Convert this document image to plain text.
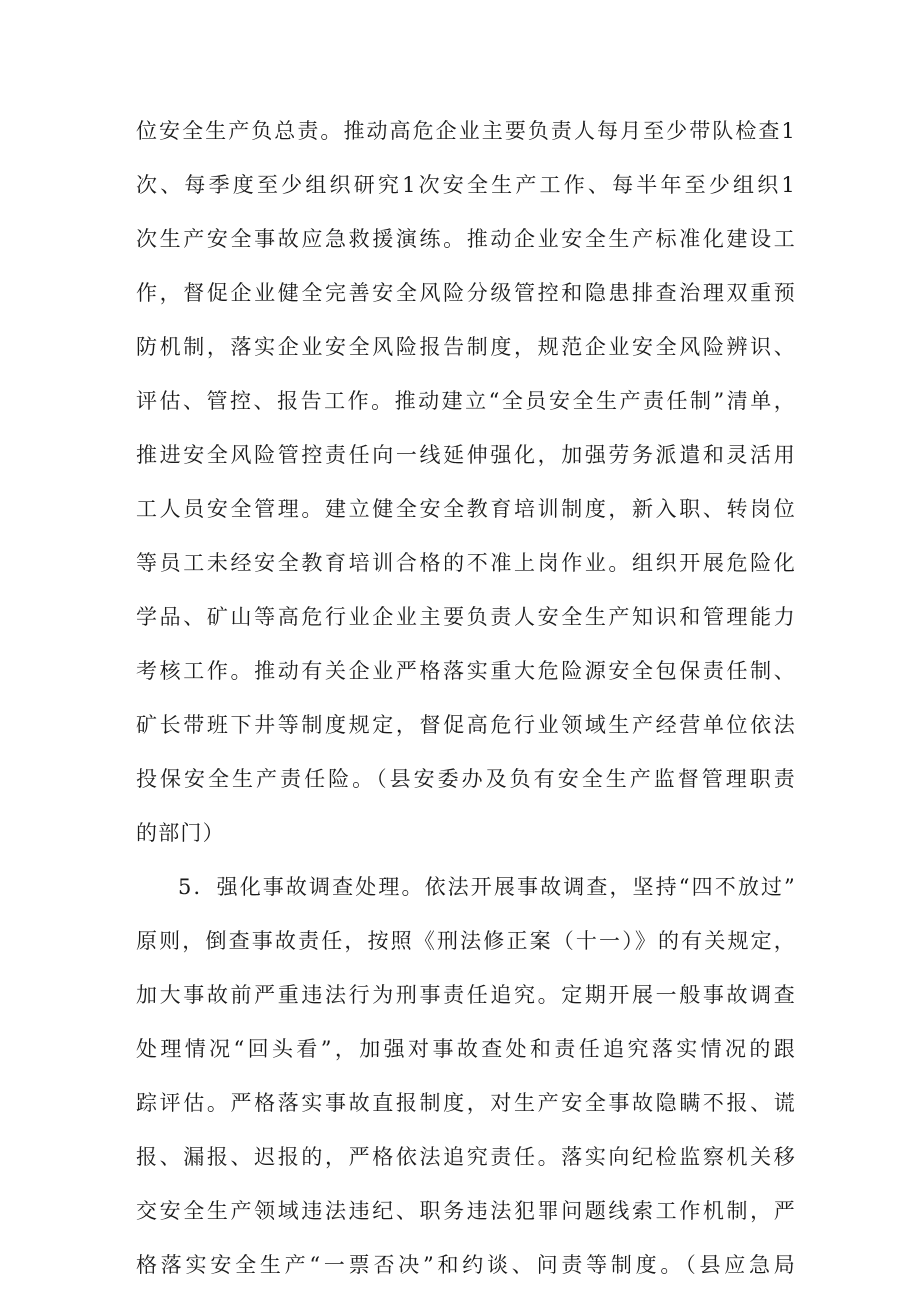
位安全生产负总责。推动高危企业主要负责人每月至少带队检查1
次、每季度至少组织研究1次安全生产工作、每半年至少组织1
次生产安全事故应急救援演练。推动企业安全生产标准化建设工
作，督促企业健全完善安全风险分级管控和隐患排查治理双重预
防机制，落实企业安全风险报告制度，规范企业安全风险辨识、
评估、管控、报告工作。推动建立“全员安全生产责任制”清单，
推进安全风险管控责任向一线延伸强化，加强劳务派遣和灵活用
工人员安全管理。建立健全安全教育培训制度，新入职、转岗位
等员工未经安全教育培训合格的不准上岗作业。组织开展危险化
学品、矿山等高危行业企业主要负责人安全生产知识和管理能力
考核工作。推动有关企业严格落实重大危险源安全包保责任制、
矿长带班下井等制度规定，督促高危行业领域生产经营单位依法
投保安全生产责任险。（县安委办及负有安全生产监督管理职责
的部门）
5．强化事故调查处理。依法开展事故调查，坚持“四不放过”
原则，倒查事故责任，按照《刑法修正案（十一）》的有关规定，
加大事故前严重违法行为刑事责任追究。定期开展一般事故调查
处理情况“回头看”，加强对事故查处和责任追究落实情况的跟
踪评估。严格落实事故直报制度，对生产安全事故隐瞒不报、谎
报、漏报、迟报的，严格依法追究责任。落实向纪检监察机关移
交安全生产领域违法违纪、职务违法犯罪问题线索工作机制，严
格落实安全生产“一票否决”和约谈、问责等制度。（县应急局
